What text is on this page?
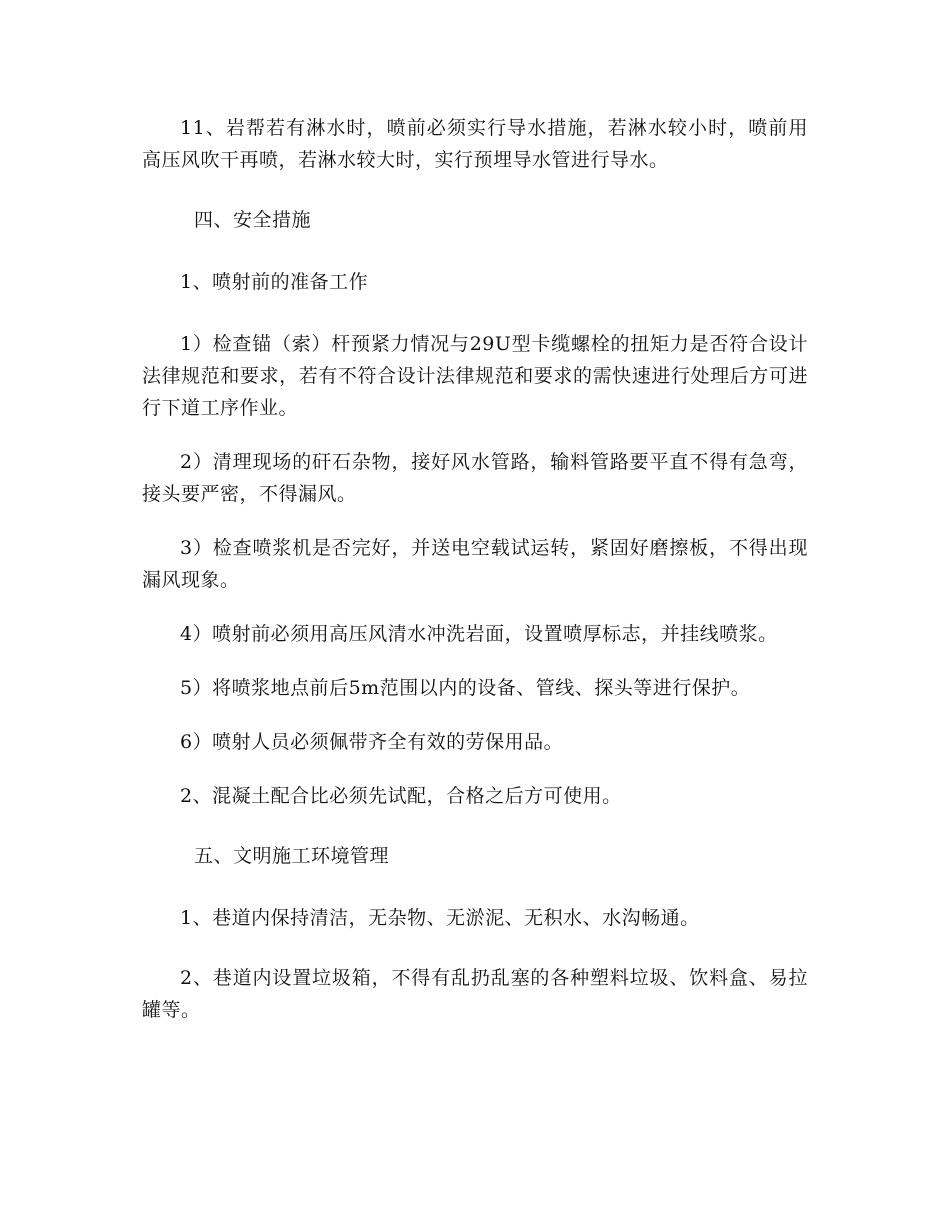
11、岩帮若有淋水时，喷前必须实行导水措施，若淋水较小时，喷前用高压风吹干再喷，若淋水较大时，实行预埋导水管进行导水。

四、安全措施

1、喷射前的准备工作

1）检查锚（索）杆预紧力情况与29U型卡缆螺栓的扭矩力是否符合设计法律规范和要求，若有不符合设计法律规范和要求的需快速进行处理后方可进行下道工序作业。

2）清理现场的矸石杂物，接好风水管路，输料管路要平直不得有急弯，接头要严密，不得漏风。

3）检查喷浆机是否完好，并送电空载试运转，紧固好磨擦板，不得出现漏风现象。

4）喷射前必须用高压风清水冲洗岩面，设置喷厚标志，并挂线喷浆。

5）将喷浆地点前后5m范围以内的设备、管线、探头等进行保护。

6）喷射人员必须佩带齐全有效的劳保用品。

2、混凝土配合比必须先试配，合格之后方可使用。

五、文明施工环境管理

1、巷道内保持清洁，无杂物、无淤泥、无积水、水沟畅通。

2、巷道内设置垃圾箱，不得有乱扔乱塞的各种塑料垃圾、饮料盒、易拉罐等。
